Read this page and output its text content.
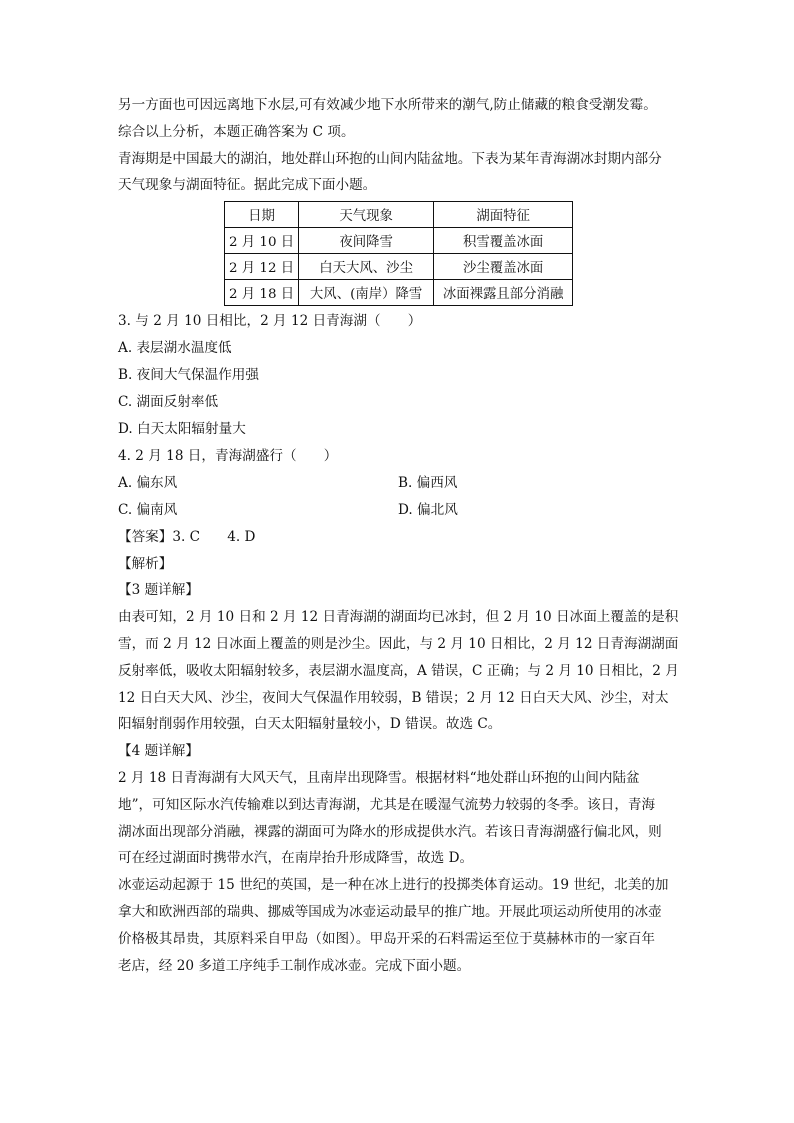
另一方面也可因远离地下水层,可有效减少地下水所带来的潮气,防止储藏的粮食受潮发霉。
综合以上分析，本题正确答案为 C 项。
青海期是中国最大的湖泊，地处群山环抱的山间内陆盆地。下表为某年青海湖冰封期内部分
天气现象与湖面特征。据此完成下面小题。
日期	天气现象	湖面特征
2 月 10 日	夜间降雪	积雪覆盖冰面
2 月 12 日	白天大风、沙尘	沙尘覆盖冰面
2 月 18 日	大风、(南岸）降雪	冰面裸露且部分消融
3. 与 2 月 10 日相比，2 月 12 日青海湖（　　）
A. 表层湖水温度低
B. 夜间大气保温作用强
C. 湖面反射率低
D. 白天太阳辐射量大
4. 2 月 18 日，青海湖盛行（　　）
A. 偏东风	B. 偏西风
C. 偏南风	D. 偏北风
【答案】3. C　　4. D
【解析】
【3 题详解】
由表可知，2 月 10 日和 2 月 12 日青海湖的湖面均已冰封，但 2 月 10 日冰面上覆盖的是积
雪，而 2 月 12 日冰面上覆盖的则是沙尘。因此，与 2 月 10 日相比，2 月 12 日青海湖湖面
反射率低，吸收太阳辐射较多，表层湖水温度高，A 错误，C 正确；与 2 月 10 日相比，2 月
12 日白天大风、沙尘，夜间大气保温作用较弱，B 错误；2 月 12 日白天大风、沙尘，对太
阳辐射削弱作用较强，白天太阳辐射量较小，D 错误。故选 C。
【4 题详解】
2 月 18 日青海湖有大风天气，且南岸出现降雪。根据材料“地处群山环抱的山间内陆盆
地”，可知区际水汽传输难以到达青海湖，尤其是在暖湿气流势力较弱的冬季。该日，青海
湖冰面出现部分消融，裸露的湖面可为降水的形成提供水汽。若该日青海湖盛行偏北风，则
可在经过湖面时携带水汽，在南岸抬升形成降雪，故选 D。
冰壶运动起源于 15 世纪的英国，是一种在冰上进行的投掷类体育运动。19 世纪，北美的加
拿大和欧洲西部的瑞典、挪威等国成为冰壶运动最早的推广地。开展此项运动所使用的冰壶
价格极其昂贵，其原料采自甲岛（如图）。甲岛开采的石料需运至位于莫赫林市的一家百年
老店，经 20 多道工序纯手工制作成冰壶。完成下面小题。
